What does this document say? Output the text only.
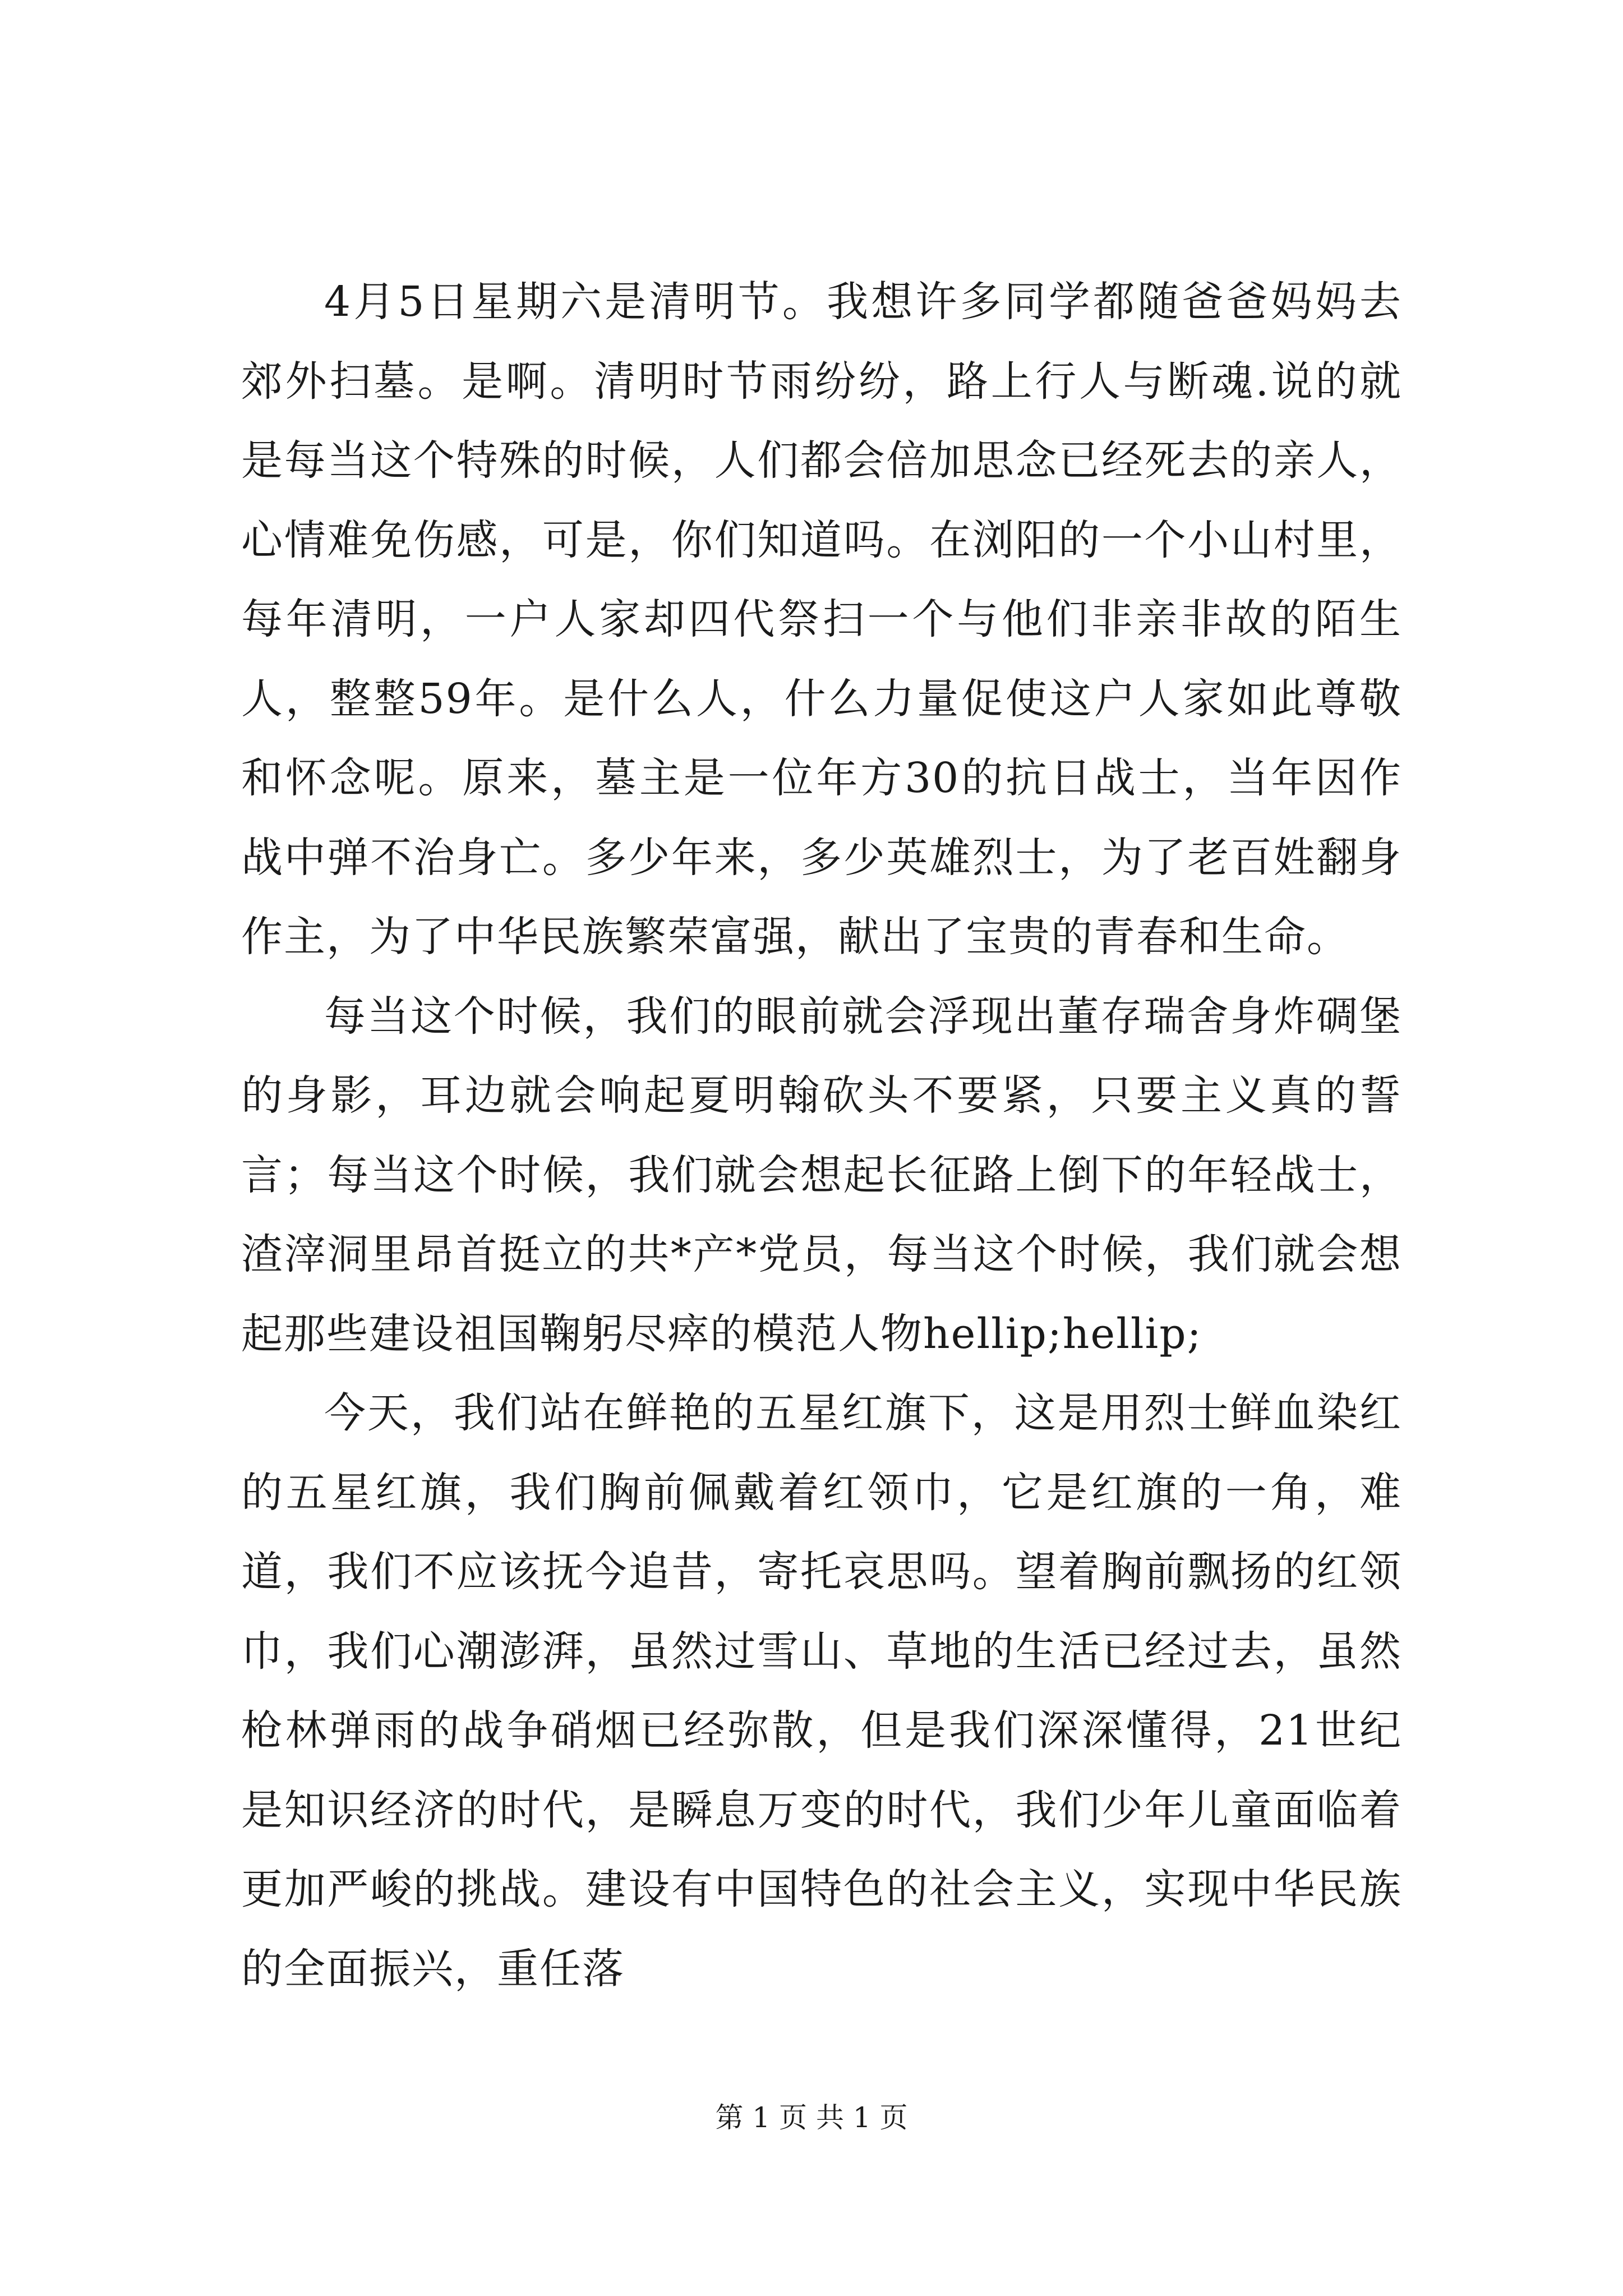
4月5日星期六是清明节。我想许多同学都随爸爸妈妈去郊外扫墓。是啊。清明时节雨纷纷，路上行人与断魂.说的就是每当这个特殊的时候，人们都会倍加思念已经死去的亲人，心情难免伤感，可是，你们知道吗。在浏阳的一个小山村里，每年清明，一户人家却四代祭扫一个与他们非亲非故的陌生人，整整59年。是什么人，什么力量促使这户人家如此尊敬和怀念呢。原来，墓主是一位年方30的抗日战士，当年因作战中弹不治身亡。多少年来，多少英雄烈士，为了老百姓翻身作主，为了中华民族繁荣富强，献出了宝贵的青春和生命。

每当这个时候，我们的眼前就会浮现出董存瑞舍身炸碉堡的身影，耳边就会响起夏明翰砍头不要紧，只要主义真的誓言；每当这个时候，我们就会想起长征路上倒下的年轻战士，渣滓洞里昂首挺立的共*产*党员，每当这个时候，我们就会想起那些建设祖国鞠躬尽瘁的模范人物hellip;hellip;

今天，我们站在鲜艳的五星红旗下，这是用烈士鲜血染红的五星红旗，我们胸前佩戴着红领巾，它是红旗的一角，难道，我们不应该抚今追昔，寄托哀思吗。望着胸前飘扬的红领巾，我们心潮澎湃，虽然过雪山、草地的生活已经过去，虽然枪林弹雨的战争硝烟已经弥散，但是我们深深懂得，21世纪是知识经济的时代，是瞬息万变的时代，我们少年儿童面临着更加严峻的挑战。建设有中国特色的社会主义，实现中华民族的全面振兴，重任落

第 1 页 共 1 页
